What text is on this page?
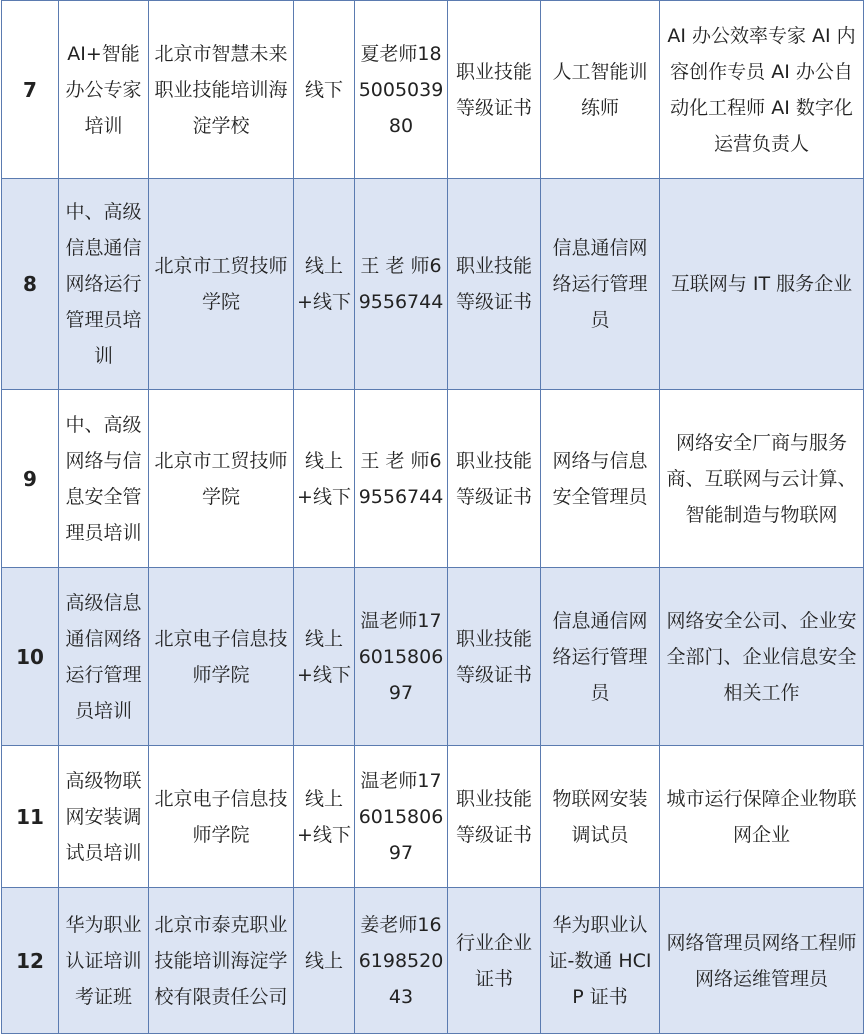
7	AI+智能办公专家培训	北京市智慧未来职业技能培训海淀学校	线下	夏老师18500503980	职业技能等级证书	人工智能训练师	AI 办公效率专家 AI 内容创作专员 AI 办公自动化工程师 AI 数字化运营负责人
8	中、高级信息通信网络运行管理员培训	北京市工贸技师学院	线上+线下	王 老 师69556744	职业技能等级证书	信息通信网络运行管理员	互联网与 IT 服务企业
9	中、高级网络与信息安全管理员培训	北京市工贸技师学院	线上+线下	王 老 师69556744	职业技能等级证书	网络与信息安全管理员	网络安全厂商与服务商、互联网与云计算、智能制造与物联网
10	高级信息通信网络运行管理员培训	北京电子信息技师学院	线上+线下	温老师17601580697	职业技能等级证书	信息通信网络运行管理员	网络安全公司、企业安全部门、企业信息安全相关工作
11	高级物联网安装调试员培训	北京电子信息技师学院	线上+线下	温老师17601580697	职业技能等级证书	物联网安装调试员	城市运行保障企业物联网企业
12	华为职业认证培训考证班	北京市泰克职业技能培训海淀学校有限责任公司	线上	姜老师16619852043	行业企业证书	华为职业认证-数通 HCIP 证书	网络管理员网络工程师 网络运维管理员
